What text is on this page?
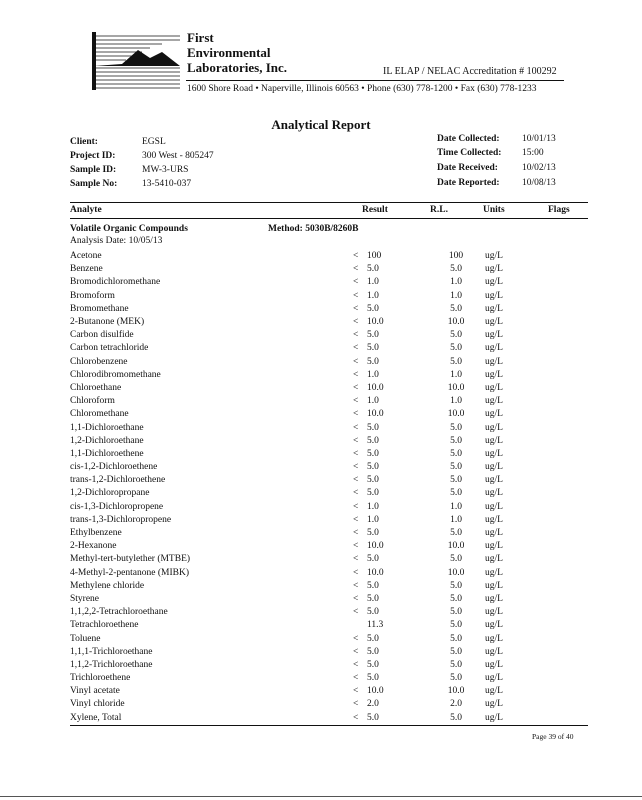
First
Environmental
Laboratories, Inc.	IL ELAP / NELAC Accreditation # 100292
1600 Shore Road • Naperville, Illinois 60563 • Phone (630) 778-1200 • Fax (630) 778-1233
Analytical Report
Client:	EGSL
Project ID:	300 West - 805247
Sample ID:	MW-3-URS
Sample No:	13-5410-037
Date Collected: 10/01/13
Time Collected: 15:00
Date Received:	10/02/13
Date Reported: 10/08/13
Analyte	Result	R.L.	Units	Flags
Volatile Organic Compounds	Method: 5030B/8260B
Analysis Date: 10/05/13
Acetone	<	100	100	ug/L
Benzene	<	5.0	5.0	ug/L
Bromodichloromethane	<	1.0	1.0	ug/L
Bromoform	<	1.0	1.0	ug/L
Bromomethane	<	5.0	5.0	ug/L
2-Butanone (MEK)	<	10.0	10.0	ug/L
Carbon disulfide	<	5.0	5.0	ug/L
Carbon tetrachloride	<	5.0	5.0	ug/L
Chlorobenzene	<	5.0	5.0	ug/L
Chlorodibromomethane	<	1.0	1.0	ug/L
Chloroethane	<	10.0	10.0	ug/L
Chloroform	<	1.0	1.0	ug/L
Chloromethane	<	10.0	10.0	ug/L
1,1-Dichloroethane	<	5.0	5.0	ug/L
1,2-Dichloroethane	<	5.0	5.0	ug/L
1,1-Dichloroethene	<	5.0	5.0	ug/L
cis-1,2-Dichloroethene	<	5.0	5.0	ug/L
trans-1,2-Dichloroethene	<	5.0	5.0	ug/L
1,2-Dichloropropane	<	5.0	5.0	ug/L
cis-1,3-Dichloropropene	<	1.0	1.0	ug/L
trans-1,3-Dichloropropene	<	1.0	1.0	ug/L
Ethylbenzene	<	5.0	5.0	ug/L
2-Hexanone	<	10.0	10.0	ug/L
Methyl-tert-butylether (MTBE)	<	5.0	5.0	ug/L
4-Methyl-2-pentanone (MIBK)	<	10.0	10.0	ug/L
Methylene chloride	<	5.0	5.0	ug/L
Styrene	<	5.0	5.0	ug/L
1,1,2,2-Tetrachloroethane	<	5.0	5.0	ug/L
Tetrachloroethene		11.3	5.0	ug/L
Toluene	<	5.0	5.0	ug/L
1,1,1-Trichloroethane	<	5.0	5.0	ug/L
1,1,2-Trichloroethane	<	5.0	5.0	ug/L
Trichloroethene	<	5.0	5.0	ug/L
Vinyl acetate	<	10.0	10.0	ug/L
Vinyl chloride	<	2.0	2.0	ug/L
Xylene, Total	<	5.0	5.0	ug/L
Page 39 of 40
